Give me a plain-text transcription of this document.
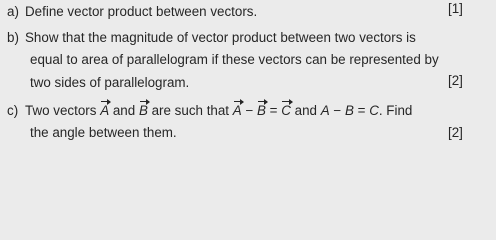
a) Define vector product between vectors.	[1]
b) Show that the magnitude of vector product between two vectors is
equal to area of parallelogram if these vectors can be represented by
two sides of parallelogram.	[2]
c) Two vectors A and B are such that A − B = C and A − B = C. Find
the angle between them.	[2]
